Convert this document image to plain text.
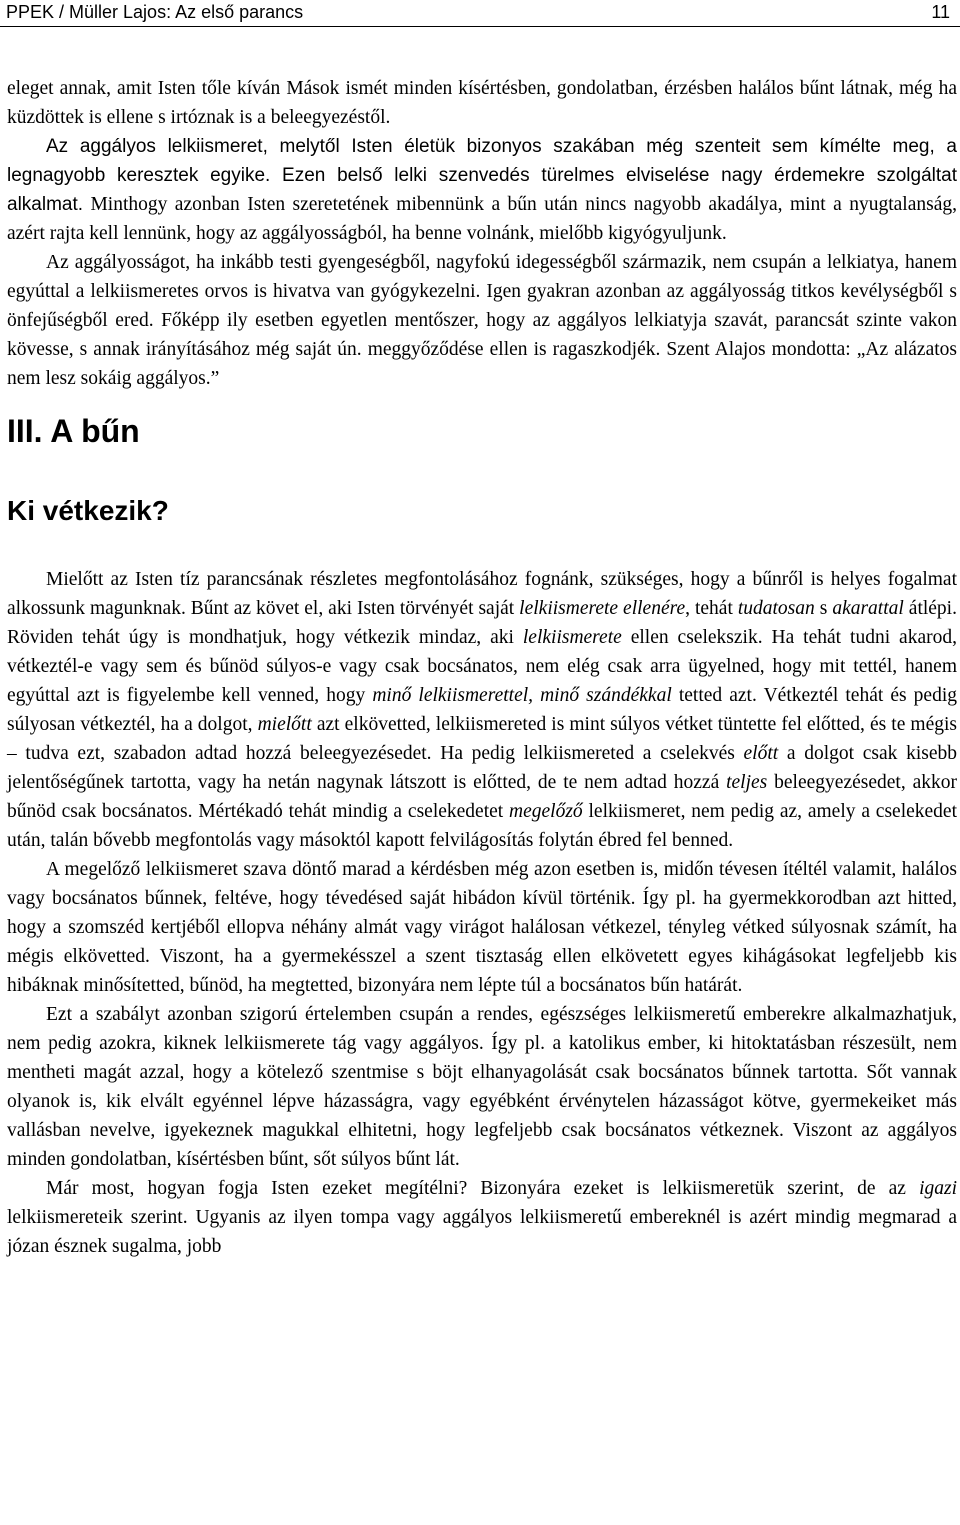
PPEK / Müller Lajos: Az első parancs	11

eleget annak, amit Isten tőle kíván Mások ismét minden kísértésben, gondolatban, érzésben halálos bűnt látnak, még ha küzdöttek is ellene s irtóznak is a beleegyezéstől.

Az aggályos lelkiismeret, melytől Isten életük bizonyos szakában még szenteit sem kímélte meg, a legnagyobb keresztek egyike. Ezen belső lelki szenvedés türelmes elviselése nagy érdemekre szolgáltat alkalmat. Minthogy azonban Isten szeretetének mibennünk a bűn után nincs nagyobb akadálya, mint a nyugtalanság, azért rajta kell lennünk, hogy az aggályosságból, ha benne volnánk, mielőbb kigyógyuljunk.

Az aggályosságot, ha inkább testi gyengeségből, nagyfokú idegességből származik, nem csupán a lelkiatya, hanem egyúttal a lelkiismeretes orvos is hivatva van gyógykezelni. Igen gyakran azonban az aggályosság titkos kevélységből s önfejűségből ered. Főképp ily esetben egyetlen mentőszer, hogy az aggályos lelkiatyja szavát, parancsát szinte vakon kövesse, s annak irányításához még saját ún. meggyőződése ellen is ragaszkodjék. Szent Alajos mondotta: „Az alázatos nem lesz sokáig aggályos.”

III. A bűn
Ki vétkezik?

Mielőtt az Isten tíz parancsának részletes megfontolásához fognánk, szükséges, hogy a bűnről is helyes fogalmat alkossunk magunknak. Bűnt az követ el, aki Isten törvényét saját lelkiismerete ellenére, tehát tudatosan s akarattal átlépi. Röviden tehát úgy is mondhatjuk, hogy vétkezik mindaz, aki lelkiismerete ellen cselekszik. Ha tehát tudni akarod, vétkeztél-e vagy sem és bűnöd súlyos-e vagy csak bocsánatos, nem elég csak arra ügyelned, hogy mit tettél, hanem egyúttal azt is figyelembe kell venned, hogy minő lelkiismerettel, minő szándékkal tetted azt. Vétkeztél tehát és pedig súlyosan vétkeztél, ha a dolgot, mielőtt azt elkövetted, lelkiismereted is mint súlyos vétket tüntette fel előtted, és te mégis – tudva ezt, szabadon adtad hozzá beleegyezésedet. Ha pedig lelkiismereted a cselekvés előtt a dolgot csak kisebb jelentőségűnek tartotta, vagy ha netán nagynak látszott is előtted, de te nem adtad hozzá teljes beleegyezésedet, akkor bűnöd csak bocsánatos. Mértékadó tehát mindig a cselekedetet megelőző lelkiismeret, nem pedig az, amely a cselekedet után, talán bővebb megfontolás vagy másoktól kapott felvilágosítás folytán ébred fel benned.

A megelőző lelkiismeret szava döntő marad a kérdésben még azon esetben is, midőn tévesen ítéltél valamit, halálos vagy bocsánatos bűnnek, feltéve, hogy tévedésed saját hibádon kívül történik. Így pl. ha gyermekkorodban azt hitted, hogy a szomszéd kertjéből ellopva néhány almát vagy virágot halálosan vétkezel, tényleg vétked súlyosnak számít, ha mégis elkövetted. Viszont, ha a gyermekésszel a szent tisztaság ellen elkövetett egyes kihágásokat legfeljebb kis hibáknak minősítetted, bűnöd, ha megtetted, bizonyára nem lépte túl a bocsánatos bűn határát.

Ezt a szabályt azonban szigorú értelemben csupán a rendes, egészséges lelkiismeretű emberekre alkalmazhatjuk, nem pedig azokra, kiknek lelkiismerete tág vagy aggályos. Így pl. a katolikus ember, ki hitoktatásban részesült, nem mentheti magát azzal, hogy a kötelező szentmise s böjt elhanyagolását csak bocsánatos bűnnek tartotta. Sőt vannak olyanok is, kik elvált egyénnel lépve házasságra, vagy egyébként érvénytelen házasságot kötve, gyermekeiket más vallásban nevelve, igyekeznek magukkal elhitetni, hogy legfeljebb csak bocsánatos vétkeznek. Viszont az aggályos minden gondolatban, kísértésben bűnt, sőt súlyos bűnt lát.

Már most, hogyan fogja Isten ezeket megítélni? Bizonyára ezeket is lelkiismeretük szerint, de az igazi lelkiismereteik szerint. Ugyanis az ilyen tompa vagy aggályos lelkiismeretű embereknél is azért mindig megmarad a józan észnek sugalma, jobb
